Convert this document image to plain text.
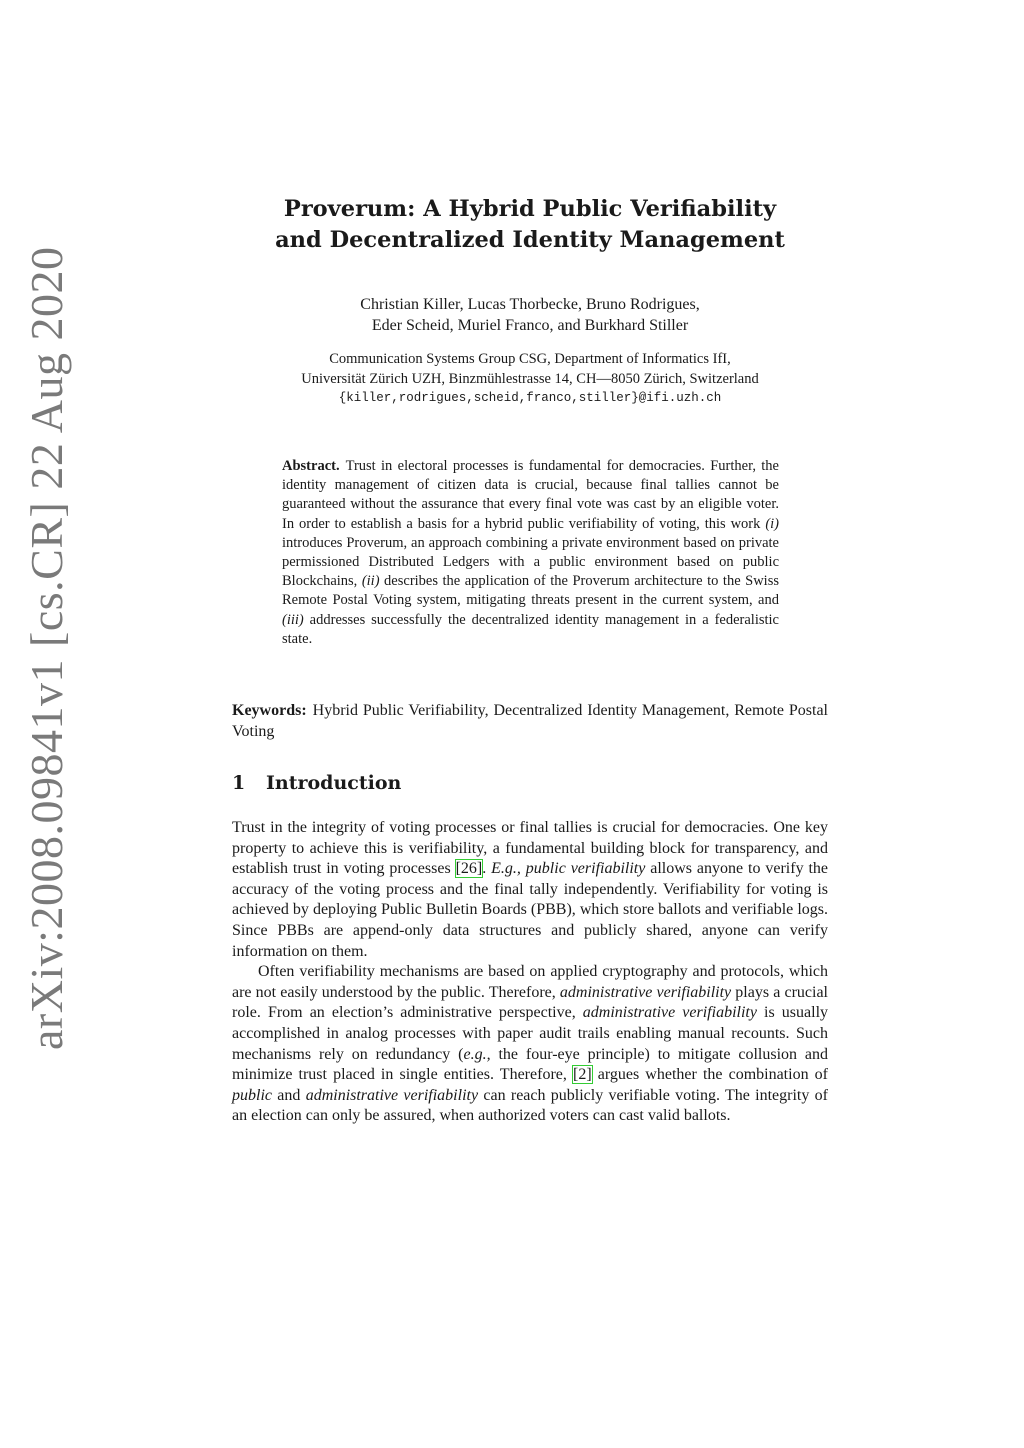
arXiv:2008.09841v1 [cs.CR] 22 Aug 2020
Proverum: A Hybrid Public Verifiability
and Decentralized Identity Management
Christian Killer, Lucas Thorbecke, Bruno Rodrigues,
Eder Scheid, Muriel Franco, and Burkhard Stiller
Communication Systems Group CSG, Department of Informatics IfI,
Universität Zürich UZH, Binzmühlestrasse 14, CH—8050 Zürich, Switzerland
{killer,rodrigues,scheid,franco,stiller}@ifi.uzh.ch
Abstract. Trust in electoral processes is fundamental for democracies. Further, the identity management of citizen data is crucial, because final tallies cannot be guaranteed without the assurance that every final vote was cast by an eligible voter. In order to establish a basis for a hybrid public verifiability of voting, this work (i) introduces Proverum, an approach combining a private environment based on private permissioned Distributed Ledgers with a public environment based on public Blockchains, (ii) describes the application of the Proverum architecture to the Swiss Remote Postal Voting system, mitigating threats present in the current system, and (iii) addresses successfully the decentralized identity management in a federalistic state.
Keywords: Hybrid Public Verifiability, Decentralized Identity Management, Remote Postal Voting
1 Introduction

Trust in the integrity of voting processes or final tallies is crucial for democracies. One key property to achieve this is verifiability, a fundamental building block for transparency, and establish trust in voting processes [26]. E.g., public verifiability allows anyone to verify the accuracy of the voting process and the final tally independently. Verifiability for voting is achieved by deploying Public Bulletin Boards (PBB), which store ballots and verifiable logs. Since PBBs are append-only data structures and publicly shared, anyone can verify information on them.

Often verifiability mechanisms are based on applied cryptography and protocols, which are not easily understood by the public. Therefore, administrative verifiability plays a crucial role. From an election’s administrative perspective, administrative verifiability is usually accomplished in analog processes with paper audit trails enabling manual recounts. Such mechanisms rely on redundancy (e.g., the four-eye principle) to mitigate collusion and minimize trust placed in single entities. Therefore, [2] argues whether the combination of public and administrative verifiability can reach publicly verifiable voting. The integrity of an election can only be assured, when authorized voters can cast valid ballots.
